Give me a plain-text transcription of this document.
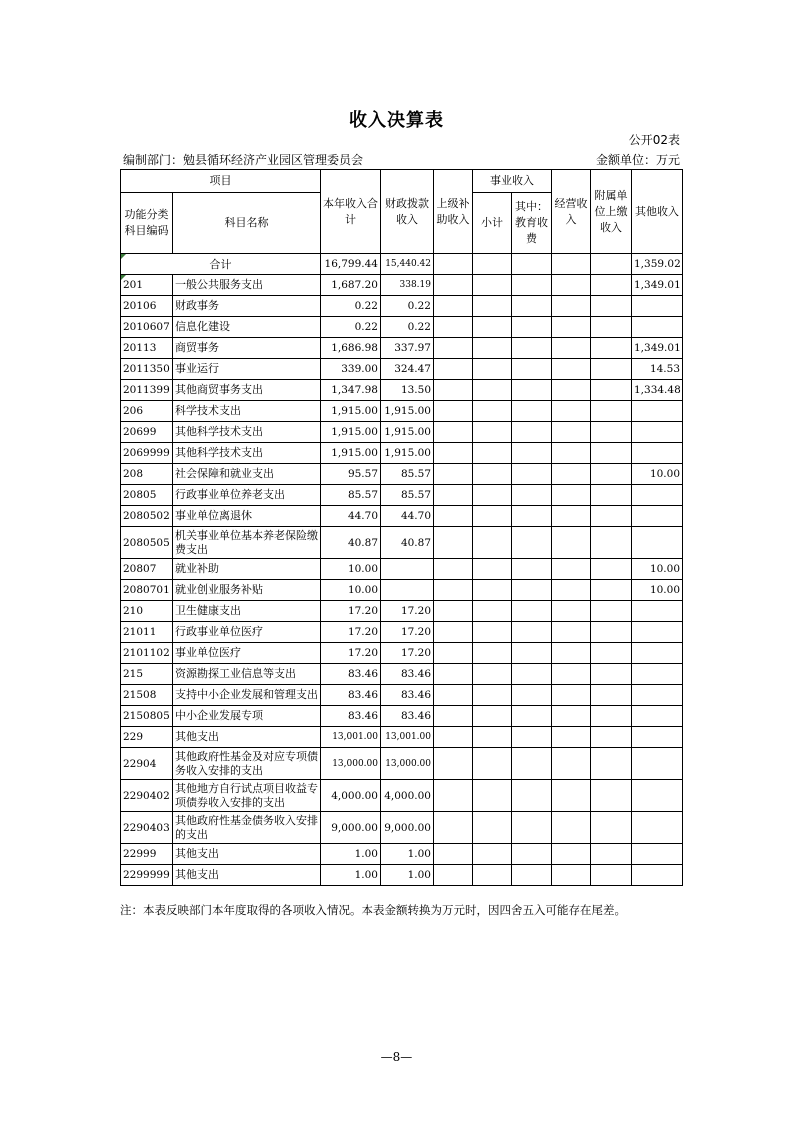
收入决算表
公开02表
编制部门：勉县循环经济产业园区管理委员会	金额单位：万元
项目		本年收入合计	财政拨款收入	上级补助收入	事业收入		经营收入	附属单位上缴收入	其他收入
功能分类科目编码	科目名称				小计	其中：教育收费			
合计		16,799.44	15,440.42						1,359.02
201	一般公共服务支出	1,687.20	338.19						1,349.01
20106	财政事务	0.22	0.22						
2010607	信息化建设	0.22	0.22						
20113	商贸事务	1,686.98	337.97						1,349.01
2011350	事业运行	339.00	324.47						14.53
2011399	其他商贸事务支出	1,347.98	13.50						1,334.48
206	科学技术支出	1,915.00	1,915.00						
20699	其他科学技术支出	1,915.00	1,915.00						
2069999	其他科学技术支出	1,915.00	1,915.00						
208	社会保障和就业支出	95.57	85.57						10.00
20805	行政事业单位养老支出	85.57	85.57						
2080502	事业单位离退休	44.70	44.70						
2080505	机关事业单位基本养老保险缴费支出	40.87	40.87						
20807	就业补助	10.00							10.00
2080701	就业创业服务补贴	10.00							10.00
210	卫生健康支出	17.20	17.20						
21011	行政事业单位医疗	17.20	17.20						
2101102	事业单位医疗	17.20	17.20						
215	资源勘探工业信息等支出	83.46	83.46						
21508	支持中小企业发展和管理支出	83.46	83.46						
2150805	中小企业发展专项	83.46	83.46						
229	其他支出	13,001.00	13,001.00						
22904	其他政府性基金及对应专项债务收入安排的支出	13,000.00	13,000.00						
2290402	其他地方自行试点项目收益专项债券收入安排的支出	4,000.00	4,000.00						
2290403	其他政府性基金债务收入安排的支出	9,000.00	9,000.00						
22999	其他支出	1.00	1.00						
2299999	其他支出	1.00	1.00						
注：本表反映部门本年度取得的各项收入情况。本表金额转换为万元时，因四舍五入可能存在尾差。
—8—
